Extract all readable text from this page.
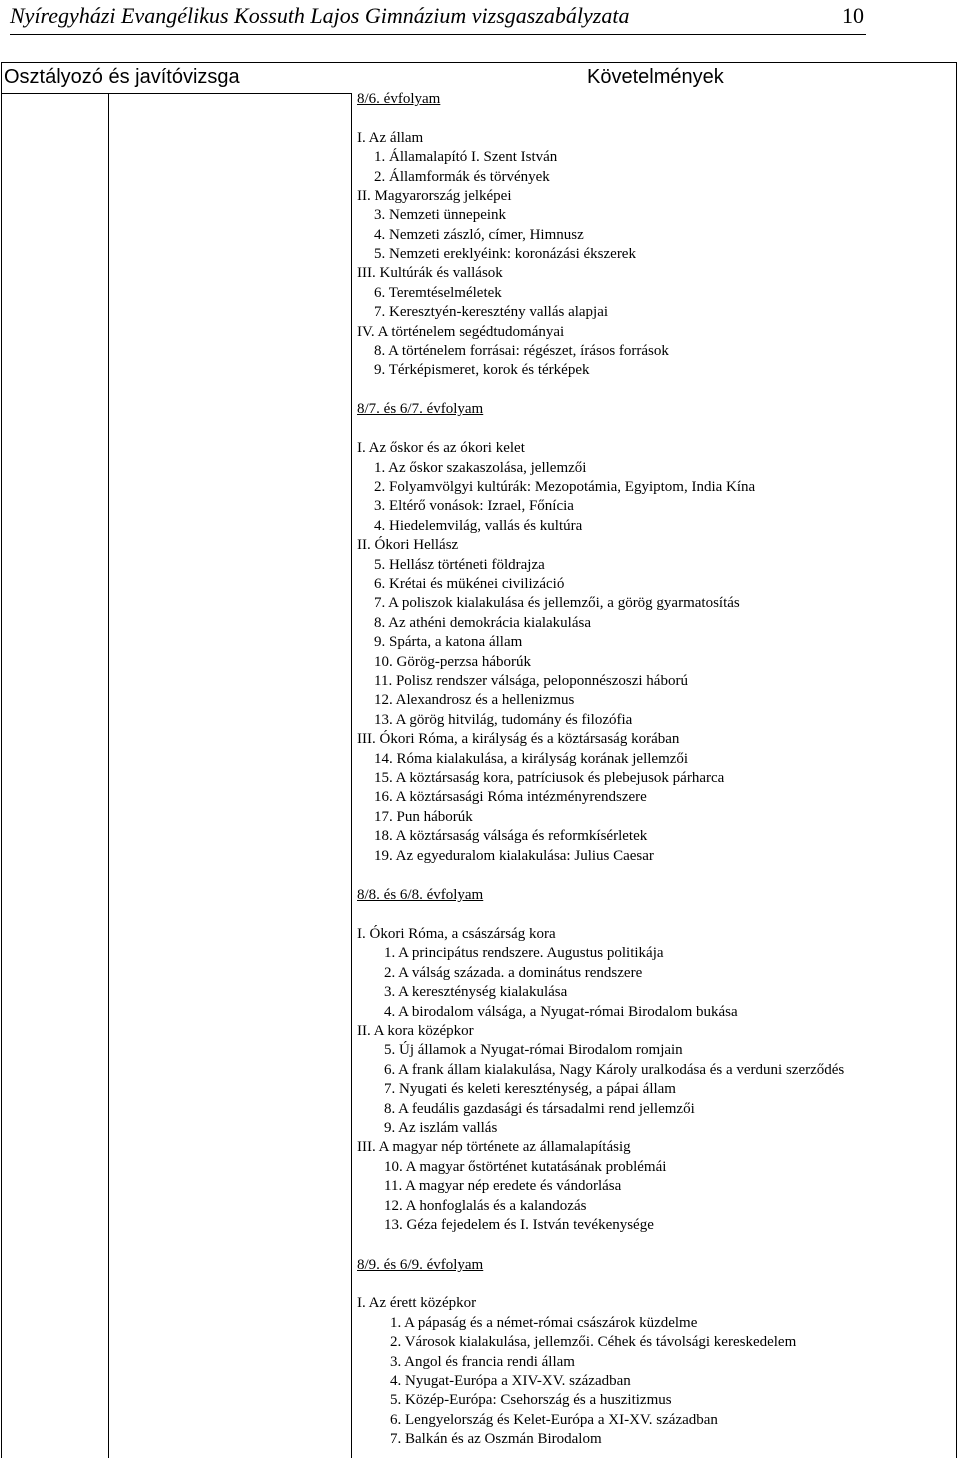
Nyíregyházi Evangélikus Kossuth Lajos Gimnázium vizsgaszabályzata	10
Osztályozó és javítóvizsga	Követelmények
8/6. évfolyam
I. Az állam
1. Államalapító I. Szent István
2. Államformák és törvények
II. Magyarország jelképei
3. Nemzeti ünnepeink
4. Nemzeti zászló, címer, Himnusz
5. Nemzeti ereklyéink: koronázási ékszerek
III. Kultúrák és vallások
6. Teremtéselméletek
7. Keresztyén-keresztény vallás alapjai
IV. A történelem segédtudományai
8. A történelem forrásai: régészet, írásos források
9. Térképismeret, korok és térképek
8/7. és 6/7. évfolyam
I. Az őskor és az ókori kelet
1. Az őskor szakaszolása, jellemzői
2. Folyamvölgyi kultúrák: Mezopotámia, Egyiptom, India Kína
3. Eltérő vonások: Izrael, Főnícia
4. Hiedelemvilág, vallás és kultúra
II. Ókori Hellász
5. Hellász történeti földrajza
6. Krétai és mükénei civilizáció
7. A poliszok kialakulása és jellemzői, a görög gyarmatosítás
8. Az athéni demokrácia kialakulása
9. Spárta, a katona állam
10. Görög-perzsa háborúk
11. Polisz rendszer válsága, peloponnészoszi háború
12. Alexandrosz és a hellenizmus
13. A görög hitvilág, tudomány és filozófia
III. Ókori Róma, a királyság és a köztársaság korában
14. Róma kialakulása, a királyság korának jellemzői
15. A köztársaság kora, patríciusok és plebejusok párharca
16. A köztársasági Róma intézményrendszere
17. Pun háborúk
18. A köztársaság válsága és reformkísérletek
19. Az egyeduralom kialakulása: Julius Caesar
8/8. és 6/8. évfolyam
I. Ókori Róma, a császárság kora
1. A principátus rendszere. Augustus politikája
2. A válság százada. a dominátus rendszere
3. A kereszténység kialakulása
4. A birodalom válsága, a Nyugat-római Birodalom bukása
II. A kora középkor
5. Új államok a Nyugat-római Birodalom romjain
6. A frank állam kialakulása, Nagy Károly uralkodása és a verduni szerződés
7. Nyugati és keleti kereszténység, a pápai állam
8. A feudális gazdasági és társadalmi rend jellemzői
9. Az iszlám vallás
III. A magyar nép története az államalapításig
10. A magyar őstörténet kutatásának problémái
11. A magyar nép eredete és vándorlása
12. A honfoglalás és a kalandozás
13. Géza fejedelem és I. István tevékenysége
8/9. és 6/9. évfolyam
I. Az érett középkor
1. A pápaság és a német-római császárok küzdelme
2. Városok kialakulása, jellemzői. Céhek és távolsági kereskedelem
3. Angol és francia rendi állam
4. Nyugat-Európa a XIV-XV. században
5. Közép-Európa: Csehország és a huszitizmus
6. Lengyelország és Kelet-Európa a XI-XV. században
7. Balkán és az Oszmán Birodalom
